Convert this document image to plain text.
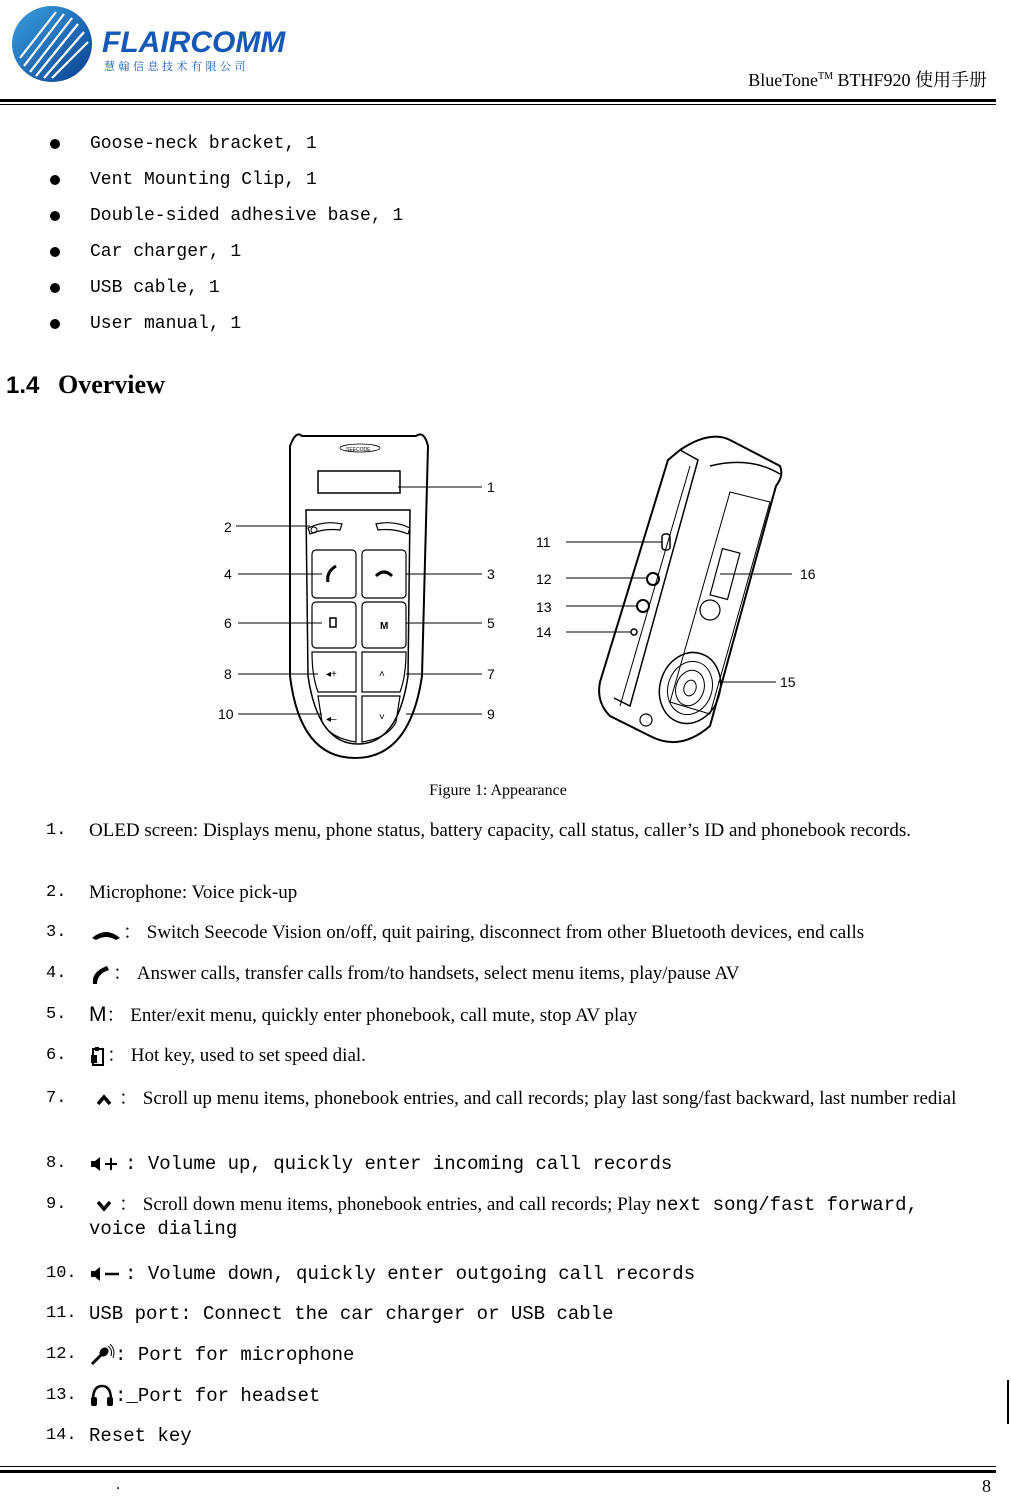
FLAIRCOMM
慧 翰 信 息 技 术 有 限 公 司
BlueTone™ BTHF920 使用手册
Goose-neck bracket, 1
Vent Mounting Clip, 1
Double-sided adhesive base, 1
Car charger, 1
USB cable, 1
User manual, 1
1.4 Overview
SEECODE
M
◂+	˄
◂–	˅
1
2
3
4
5
6
7
8
9
10
11
12
13
14
15
16
Figure 1: Appearance
1. OLED screen: Displays menu, phone status, battery capacity, call status, caller’s ID and phonebook records.
2. Microphone: Voice pick-up
3.	： Switch Seecode Vision on/off, quit pairing, disconnect from other Bluetooth devices, end calls
4.	： Answer calls, transfer calls from/to handsets, select menu items, play/pause AV
5. M： Enter/exit menu, quickly enter phonebook, call mute, stop AV play
6.	： Hot key, used to set speed dial.
7.	： Scroll up menu items, phonebook entries, and call records; play last song/fast backward, last number redial
8.	: Volume up, quickly enter incoming call records
9.	： Scroll down menu items, phonebook entries, and call records; Play next song/fast forward, voice dialing
10.	: Volume down, quickly enter outgoing call records
11. USB port: Connect the car charger or USB cable
12.	: Port for microphone
13.	:_Port for headset
14. Reset key
.	8
